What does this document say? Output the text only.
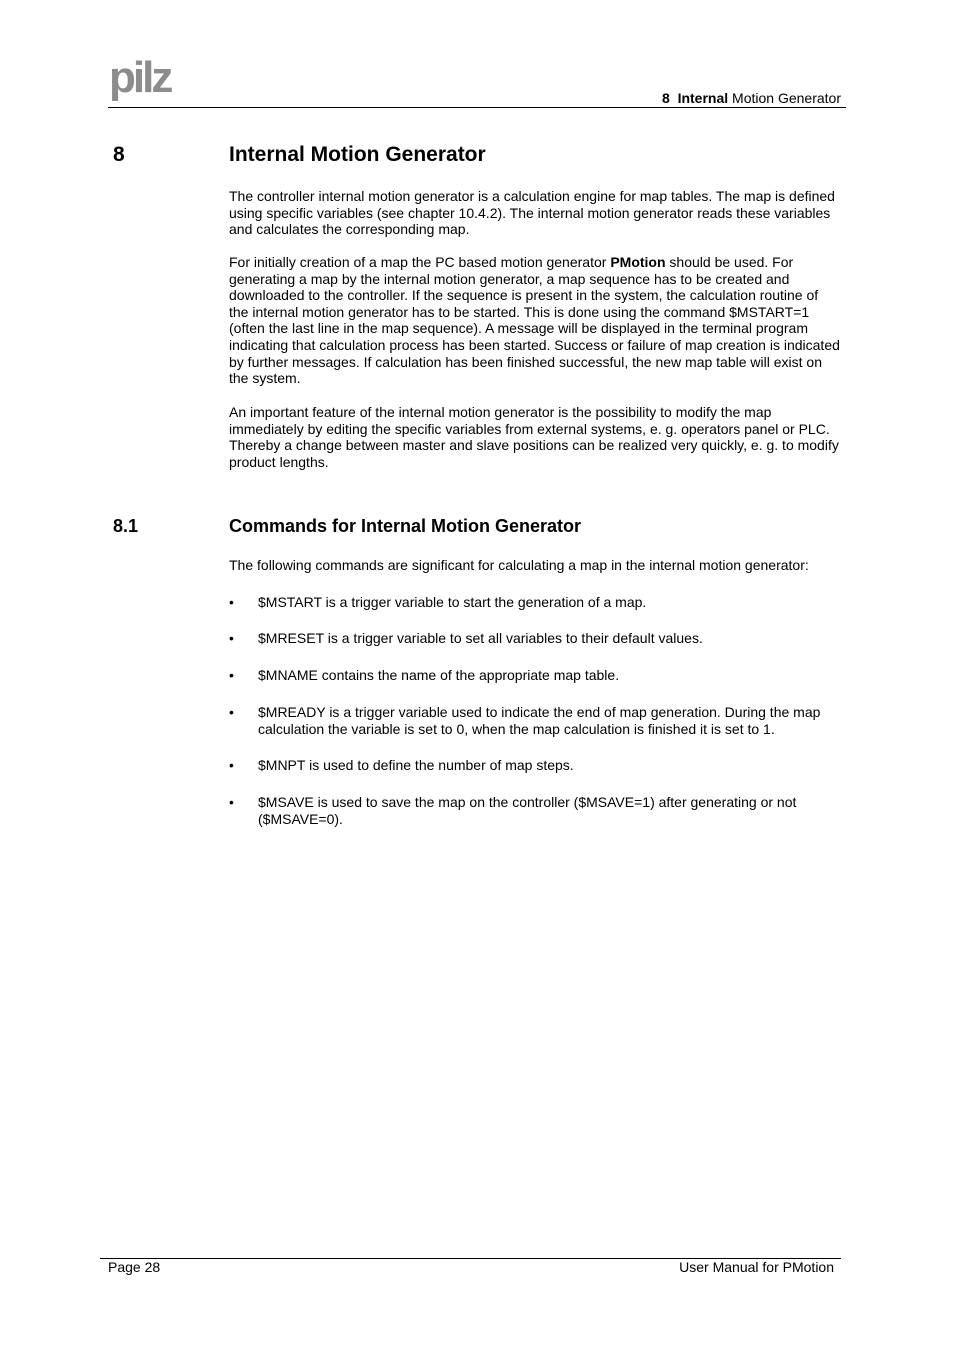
pilz	8 Internal Motion Generator
8	Internal Motion Generator

The controller internal motion generator is a calculation engine for map tables. The map is defined using specific variables (see chapter 10.4.2). The internal motion generator reads these variables and calculates the corresponding map.

For initially creation of a map the PC based motion generator PMotion should be used. For generating a map by the internal motion generator, a map sequence has to be created and downloaded to the controller. If the sequence is present in the system, the calculation routine of the internal motion generator has to be started. This is done using the command $MSTART=1 (often the last line in the map sequence). A message will be displayed in the terminal program indicating that calculation process has been started. Success or failure of map creation is indicated by further messages. If calculation has been finished successful, the new map table will exist on the system.

An important feature of the internal motion generator is the possibility to modify the map immediately by editing the specific variables from external systems, e. g. operators panel or PLC. Thereby a change between master and slave positions can be realized very quickly, e. g. to modify product lengths.

8.1	Commands for Internal Motion Generator

The following commands are significant for calculating a map in the internal motion generator:

•	$MSTART is a trigger variable to start the generation of a map.
•	$MRESET is a trigger variable to set all variables to their default values.
•	$MNAME contains the name of the appropriate map table.
•	$MREADY is a trigger variable used to indicate the end of map generation. During the map calculation the variable is set to 0, when the map calculation is finished it is set to 1.
•	$MNPT is used to define the number of map steps.
•	$MSAVE is used to save the map on the controller ($MSAVE=1) after generating or not ($MSAVE=0).
Page 28	User Manual for PMotion
